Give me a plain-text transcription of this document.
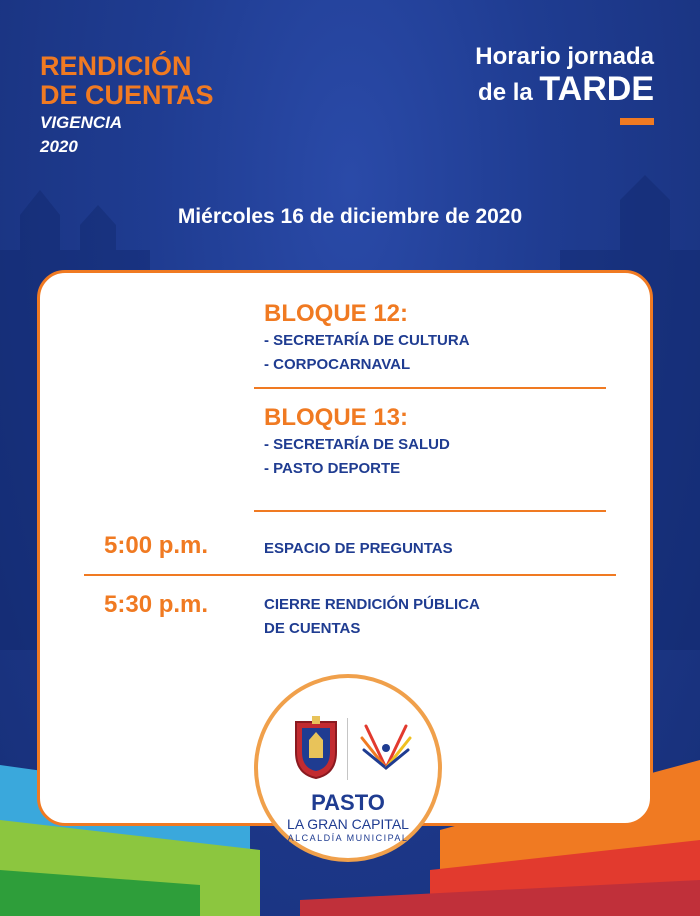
RENDICIÓN
DE CUENTAS
VIGENCIA
2020
Horario jornada
de la TARDE
Miércoles 16 de diciembre de 2020
BLOQUE 12:
- SECRETARÍA DE CULTURA
- CORPOCARNAVAL
BLOQUE 13:
- SECRETARÍA DE SALUD
- PASTO DEPORTE
5:00 p.m.	ESPACIO DE PREGUNTAS
5:30 p.m.	CIERRE RENDICIÓN PÚBLICA
DE CUENTAS
PASTO
LA GRAN CAPITAL
ALCALDÍA MUNICIPAL
